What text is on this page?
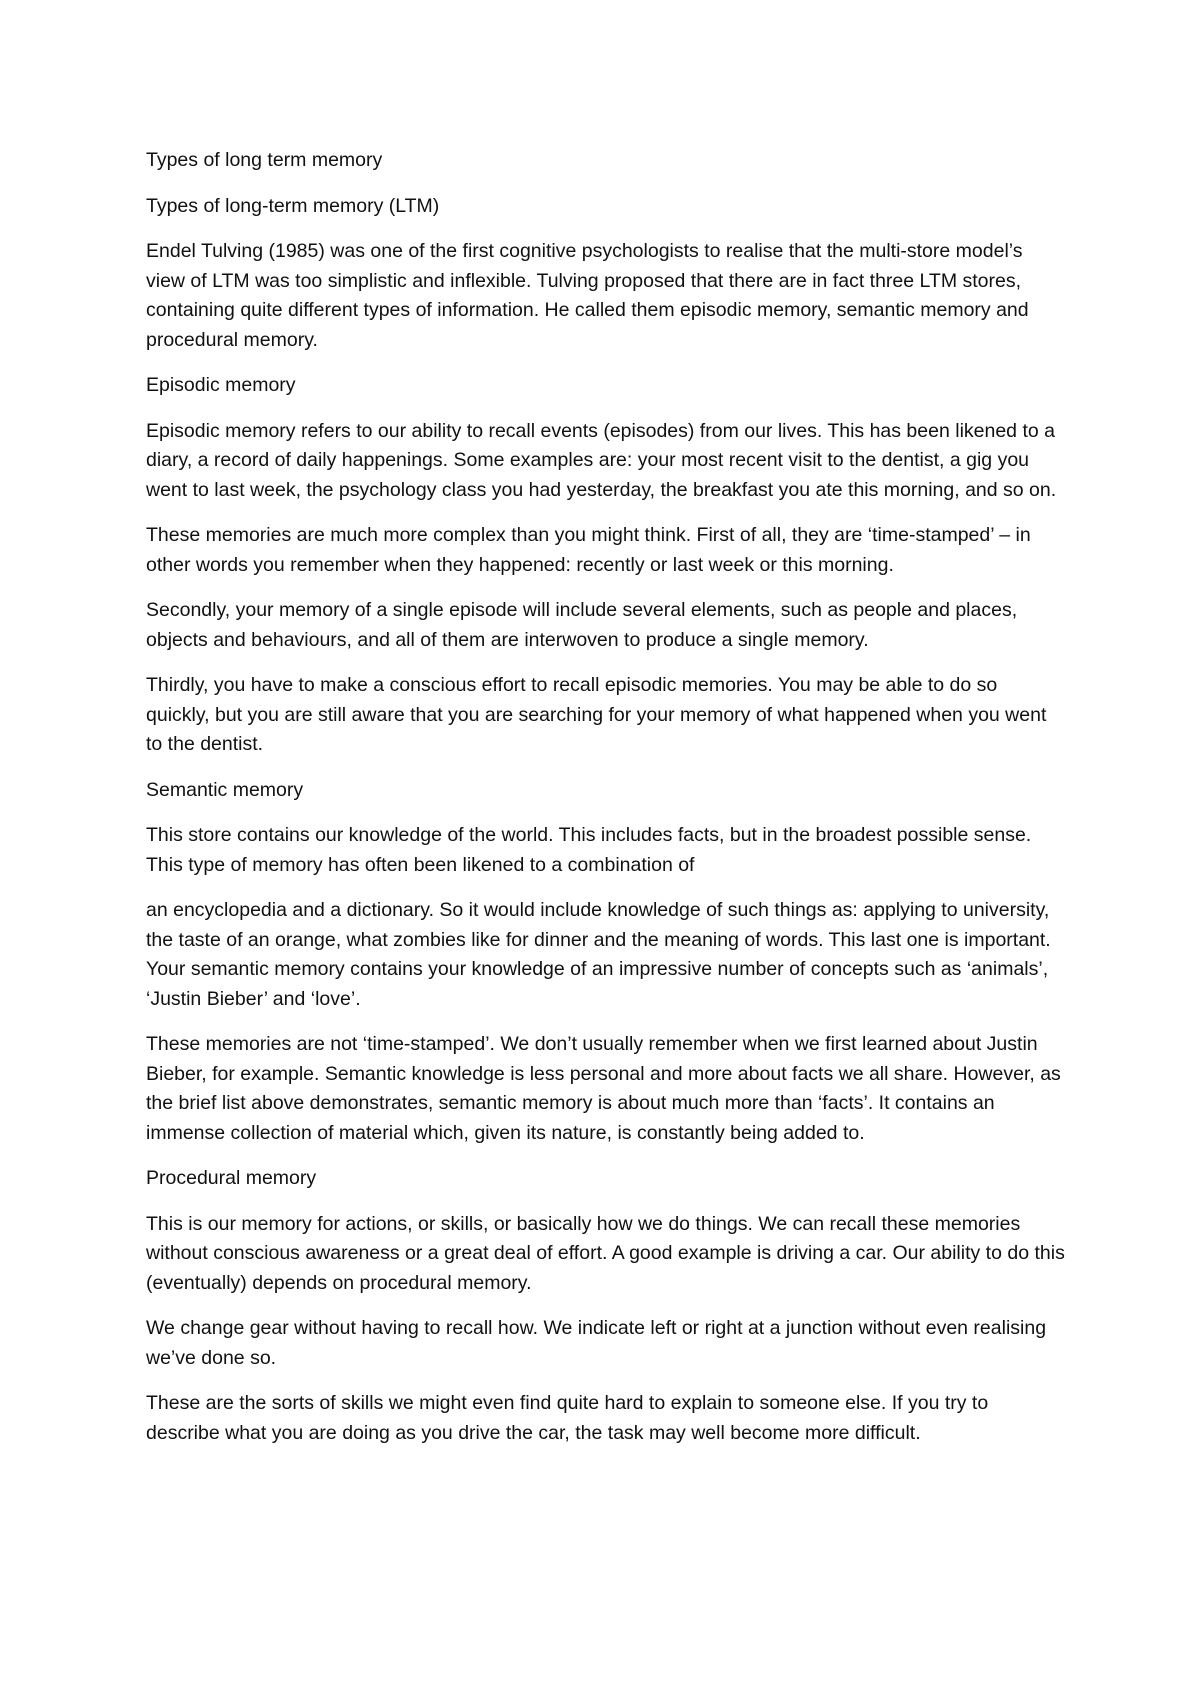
Types of long term memory

Types of long-term memory (LTM)

Endel Tulving (1985) was one of the first cognitive psychologists to realise that the multi-store model’s view of LTM was too simplistic and inflexible. Tulving proposed that there are in fact three LTM stores, containing quite different types of information. He called them episodic memory, semantic memory and procedural memory.

Episodic memory

Episodic memory refers to our ability to recall events (episodes) from our lives. This has been likened to a diary, a record of daily happenings. Some examples are: your most recent visit to the dentist, a gig you went to last week, the psychology class you had yesterday, the breakfast you ate this morning, and so on.

These memories are much more complex than you might think. First of all, they are ‘time-stamped’ – in other words you remember when they happened: recently or last week or this morning.

Secondly, your memory of a single episode will include several elements, such as people and places, objects and behaviours, and all of them are interwoven to produce a single memory.

Thirdly, you have to make a conscious effort to recall episodic memories. You may be able to do so quickly, but you are still aware that you are searching for your memory of what happened when you went to the dentist.

Semantic memory

This store contains our knowledge of the world. This includes facts, but in the broadest possible sense. This type of memory has often been likened to a combination of

an encyclopedia and a dictionary. So it would include knowledge of such things as: applying to university, the taste of an orange, what zombies like for dinner and the meaning of words. This last one is important. Your semantic memory contains your knowledge of an impressive number of concepts such as ‘animals’, ‘Justin Bieber’ and ‘love’.

These memories are not ‘time-stamped’. We don’t usually remember when we first learned about Justin Bieber, for example. Semantic knowledge is less personal and more about facts we all share. However, as the brief list above demonstrates, semantic memory is about much more than ‘facts’. It contains an immense collection of material which, given its nature, is constantly being added to.

Procedural memory

This is our memory for actions, or skills, or basically how we do things. We can recall these memories without conscious awareness or a great deal of effort. A good example is driving a car. Our ability to do this (eventually) depends on procedural memory.

We change gear without having to recall how. We indicate left or right at a junction without even realising we’ve done so.

These are the sorts of skills we might even find quite hard to explain to someone else. If you try to describe what you are doing as you drive the car, the task may well become more difficult.
